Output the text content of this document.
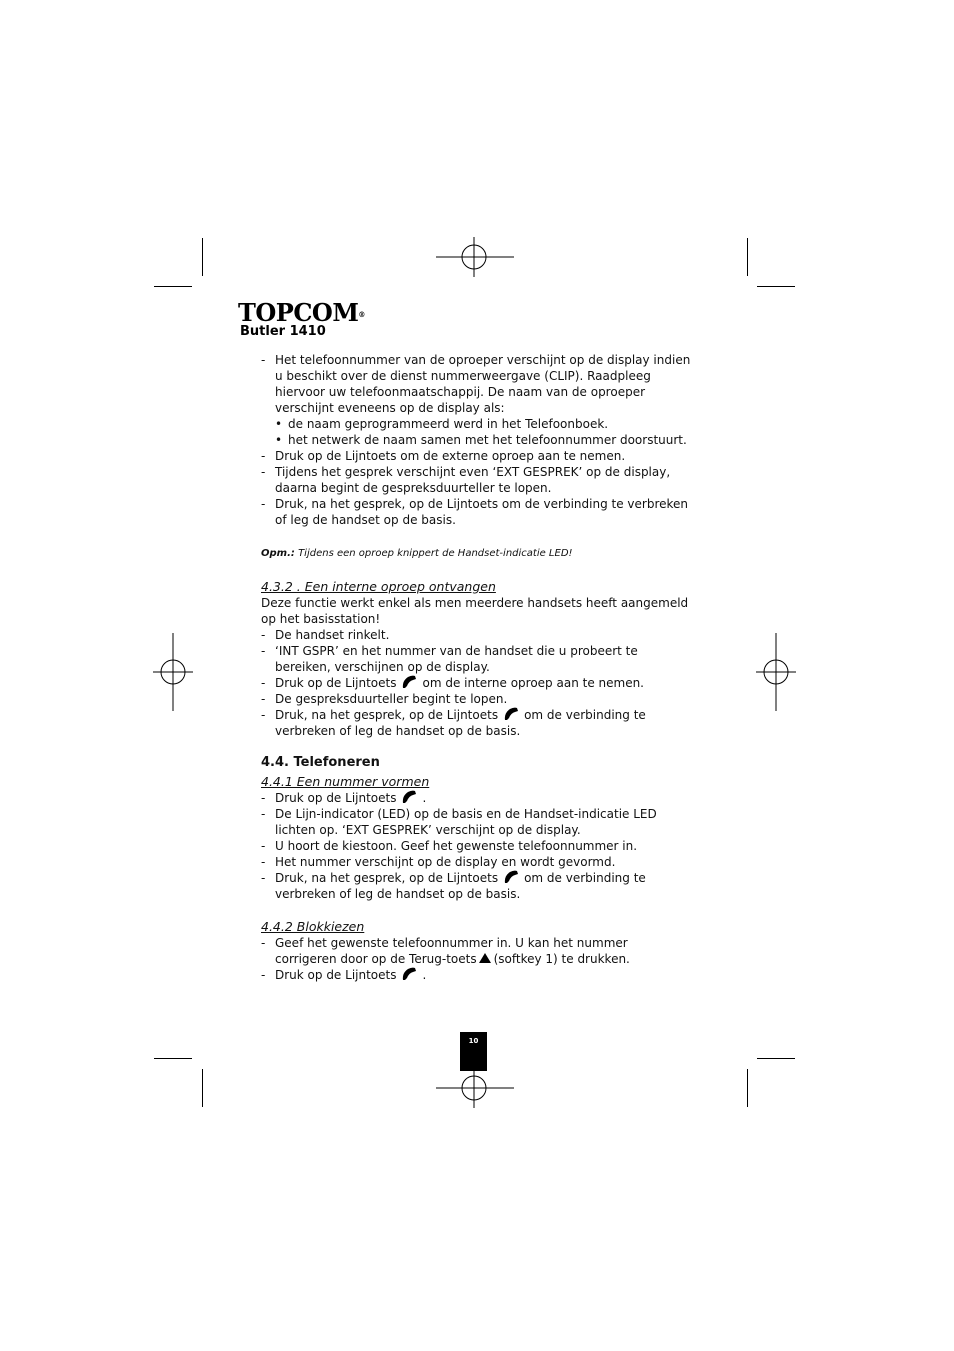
TOPCOM®
Butler 1410
- Het telefoonnummer van de oproeper verschijnt op de display indien u beschikt over de dienst nummerweergave (CLIP). Raadpleeg hiervoor uw telefoonmaatschappij. De naam van de oproeper verschijnt eveneens op de display als:
• de naam geprogrammeerd werd in het Telefoonboek.
• het netwerk de naam samen met het telefoonnummer doorstuurt.
- Druk op de Lijntoets om de externe oproep aan te nemen.
- Tijdens het gesprek verschijnt even ‘EXT GESPREK’ op de display, daarna begint de gespreksduurteller te lopen.
- Druk, na het gesprek, op de Lijntoets om de verbinding te verbreken of leg de handset op de basis.
Opm.: Tijdens een oproep knippert de Handset-indicatie LED!
4.3.2 . Een interne oproep ontvangen
Deze functie werkt enkel als men meerdere handsets heeft aangemeld op het basisstation!
- De handset rinkelt.
- ‘INT GSPR’ en het nummer van de handset die u probeert te bereiken, verschijnen op de display.
- Druk op de Lijntoets om de interne oproep aan te nemen.
- De gespreksduurteller begint te lopen.
- Druk, na het gesprek, op de Lijntoets om de verbinding te verbreken of leg de handset op de basis.
4.4. Telefoneren
4.4.1 Een nummer vormen
- Druk op de Lijntoets .
- De Lijn-indicator (LED) op de basis en de Handset-indicatie LED lichten op. ‘EXT GESPREK’ verschijnt op de display.
- U hoort de kiestoon. Geef het gewenste telefoonnummer in.
- Het nummer verschijnt op de display en wordt gevormd.
- Druk, na het gesprek, op de Lijntoets om de verbinding te verbreken of leg de handset op de basis.
4.4.2 Blokkiezen
- Geef het gewenste telefoonnummer in. U kan het nummer corrigeren door op de Terug-toets (softkey 1) te drukken.
- Druk op de Lijntoets .
10
